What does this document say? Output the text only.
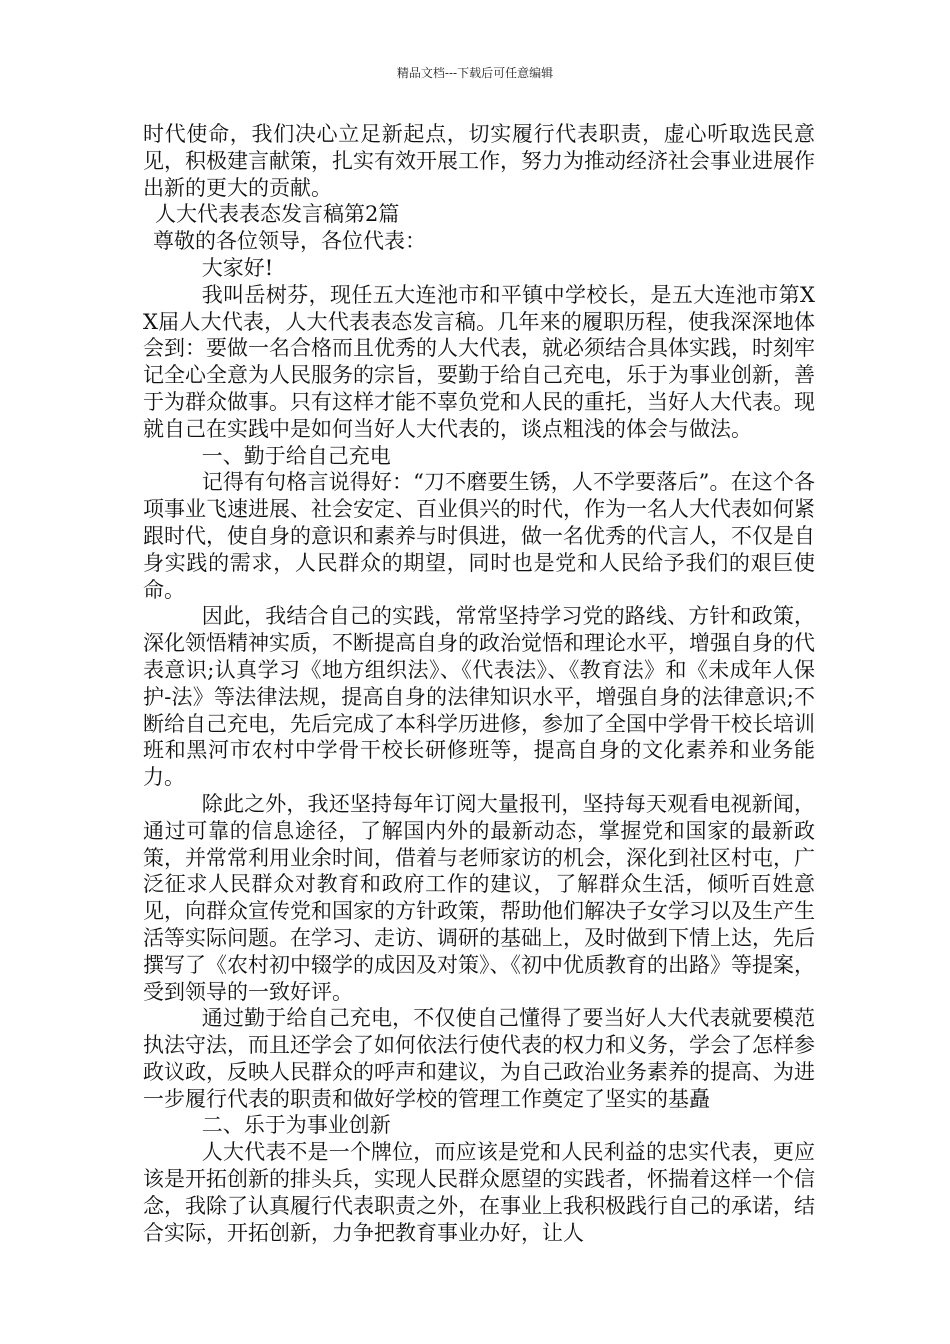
精品文档---下载后可任意编辑

时代使命，我们决心立足新起点，切实履行代表职责，虚心听取选民意见，积极建言献策，扎实有效开展工作，努力为推动经济社会事业进展作出新的更大的贡献。

人大代表表态发言稿第2篇

尊敬的各位领导，各位代表：

大家好!

我叫岳树芬，现任五大连池市和平镇中学校长，是五大连池市第XX届人大代表，人大代表表态发言稿。几年来的履职历程，使我深深地体会到：要做一名合格而且优秀的人大代表，就必须结合具体实践，时刻牢记全心全意为人民服务的宗旨，要勤于给自己充电，乐于为事业创新，善于为群众做事。只有这样才能不辜负党和人民的重托，当好人大代表。现就自己在实践中是如何当好人大代表的，谈点粗浅的体会与做法。

一、勤于给自己充电

记得有句格言说得好：“刀不磨要生锈，人不学要落后”。在这个各项事业飞速进展、社会安定、百业俱兴的时代，作为一名人大代表如何紧跟时代，使自身的意识和素养与时俱进，做一名优秀的代言人，不仅是自身实践的需求，人民群众的期望，同时也是党和人民给予我们的艰巨使命。

因此，我结合自己的实践，常常坚持学习党的路线、方针和政策，深化领悟精神实质，不断提高自身的政治觉悟和理论水平，增强自身的代表意识;认真学习《地方组织法》、《代表法》、《教育法》和《未成年人保护-法》等法律法规，提高自身的法律知识水平，增强自身的法律意识;不断给自己充电，先后完成了本科学历进修，参加了全国中学骨干校长培训班和黑河市农村中学骨干校长研修班等，提高自身的文化素养和业务能力。

除此之外，我还坚持每年订阅大量报刊，坚持每天观看电视新闻，通过可靠的信息途径，了解国内外的最新动态，掌握党和国家的最新政策，并常常利用业余时间，借着与老师家访的机会，深化到社区村屯，广泛征求人民群众对教育和政府工作的建议，了解群众生活，倾听百姓意见，向群众宣传党和国家的方针政策，帮助他们解决子女学习以及生产生活等实际问题。在学习、走访、调研的基础上，及时做到下情上达，先后撰写了《农村初中辍学的成因及对策》、《初中优质教育的出路》等提案，受到领导的一致好评。

通过勤于给自己充电，不仅使自己懂得了要当好人大代表就要模范执法守法，而且还学会了如何依法行使代表的权力和义务，学会了怎样参政议政，反映人民群众的呼声和建议，为自己政治业务素养的提高、为进一步履行代表的职责和做好学校的管理工作奠定了坚实的基矗

二、乐于为事业创新

人大代表不是一个牌位，而应该是党和人民利益的忠实代表，更应该是开拓创新的排头兵，实现人民群众愿望的实践者，怀揣着这样一个信念，我除了认真履行代表职责之外，在事业上我积极践行自己的承诺，结合实际，开拓创新，力争把教育事业办好，让人
